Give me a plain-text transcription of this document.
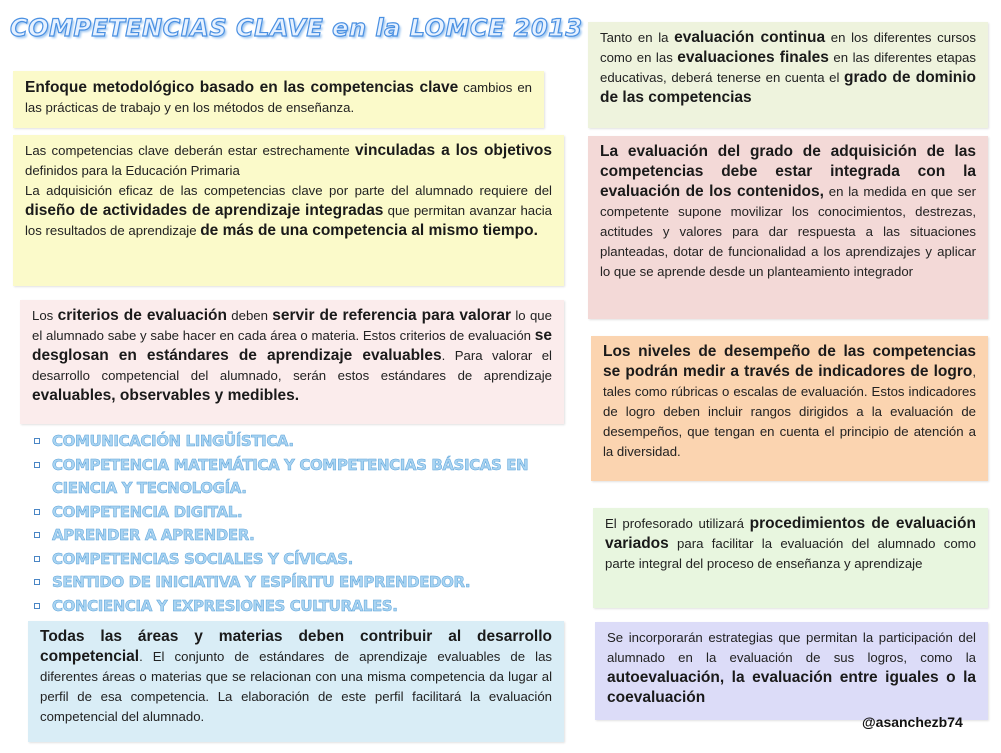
COMPETENCIAS CLAVE en la LOMCE 2013
Enfoque metodológico basado en las competencias clave cambios en las prácticas de trabajo y en los métodos de enseñanza.
Las competencias clave deberán estar estrechamente vinculadas a los objetivos definidos para la Educación Primaria
La adquisición eficaz de las competencias clave por parte del alumnado requiere del diseño de actividades de aprendizaje integradas que permitan avanzar hacia los resultados de aprendizaje de más de una competencia al mismo tiempo.
Los criterios de evaluación deben servir de referencia para valorar lo que el alumnado sabe y sabe hacer en cada área o materia. Estos criterios de evaluación se desglosan en estándares de aprendizaje evaluables. Para valorar el desarrollo competencial del alumnado, serán estos estándares de aprendizaje evaluables, observables y medibles.
COMUNICACIÓN LINGÜÍSTICA.
COMPETENCIA MATEMÁTICA Y COMPETENCIAS BÁSICAS EN CIENCIA Y TECNOLOGÍA.
COMPETENCIA DIGITAL.
APRENDER A APRENDER.
COMPETENCIAS SOCIALES Y CÍVICAS.
SENTIDO DE INICIATIVA Y ESPÍRITU EMPRENDEDOR.
CONCIENCIA Y EXPRESIONES CULTURALES.
Todas las áreas y materias deben contribuir al desarrollo competencial. El conjunto de estándares de aprendizaje evaluables de las diferentes áreas o materias que se relacionan con una misma competencia da lugar al perfil de esa competencia. La elaboración de este perfil facilitará la evaluación competencial del alumnado.
Tanto en la evaluación continua en los diferentes cursos como en las evaluaciones finales en las diferentes etapas educativas, deberá tenerse en cuenta el grado de dominio de las competencias
La evaluación del grado de adquisición de las competencias debe estar integrada con la evaluación de los contenidos, en la medida en que ser competente supone movilizar los conocimientos, destrezas, actitudes y valores para dar respuesta a las situaciones planteadas, dotar de funcionalidad a los aprendizajes y aplicar lo que se aprende desde un planteamiento integrador
Los niveles de desempeño de las competencias se podrán medir a través de indicadores de logro, tales como rúbricas o escalas de evaluación. Estos indicadores de logro deben incluir rangos dirigidos a la evaluación de desempeños, que tengan en cuenta el principio de atención a la diversidad.
El profesorado utilizará procedimientos de evaluación variados para facilitar la evaluación del alumnado como parte integral del proceso de enseñanza y aprendizaje
Se incorporarán estrategias que permitan la participación del alumnado en la evaluación de sus logros, como la autoevaluación, la evaluación entre iguales o la coevaluación
@asanchezb74
